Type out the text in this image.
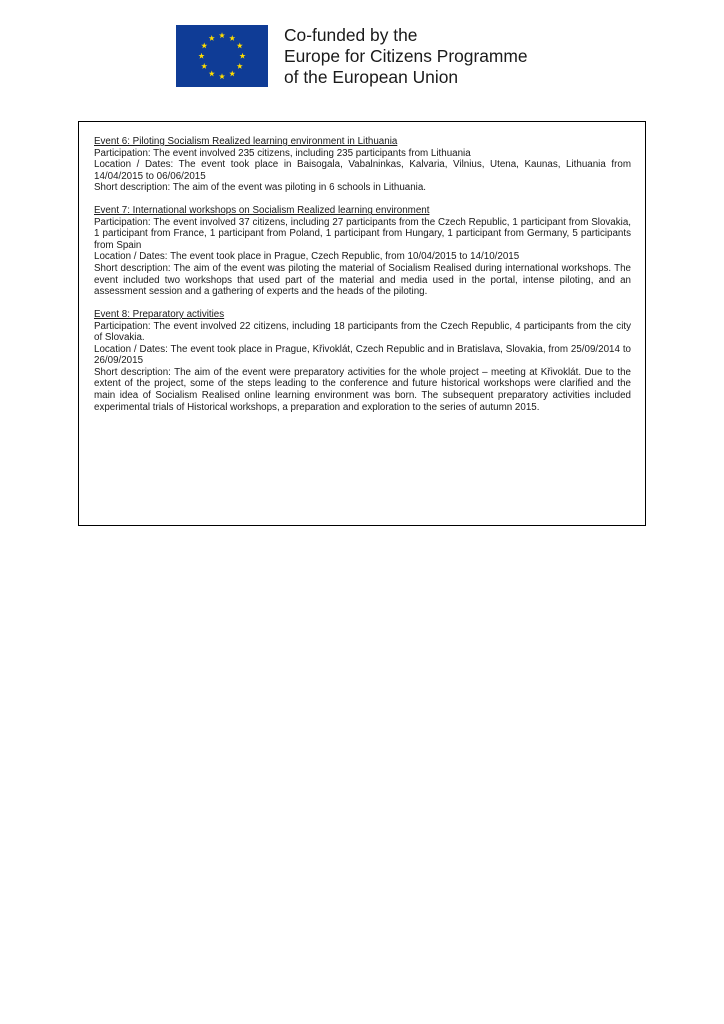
Co-funded by the
Europe for Citizens Programme
of the European Union
Event 6: Piloting Socialism Realized learning environment in Lithuania
Participation: The event involved 235 citizens, including 235 participants from Lithuania
Location / Dates: The event took place in Baisogala, Vabalninkas, Kalvaria, Vilnius, Utena, Kaunas, Lithuania from 14/04/2015 to 06/06/2015
Short description: The aim of the event was piloting in 6 schools in Lithuania.
Event 7: International workshops on Socialism Realized learning environment
Participation: The event involved 37 citizens, including 27 participants from the Czech Republic, 1 participant from Slovakia, 1 participant from France, 1 participant from Poland, 1 participant from Hungary, 1 participant from Germany, 5 participants from Spain
Location / Dates: The event took place in Prague, Czech Republic, from 10/04/2015 to 14/10/2015
Short description: The aim of the event was piloting the material of Socialism Realised during international workshops. The event included two workshops that used part of the material and media used in the portal, intense piloting, and an assessment session and a gathering of experts and the heads of the piloting.
Event 8: Preparatory activities
Participation: The event involved 22 citizens, including 18 participants from the Czech Republic, 4 participants from the city of Slovakia.
Location / Dates: The event took place in Prague, Křivoklát, Czech Republic and in Bratislava, Slovakia, from 25/09/2014 to 26/09/2015
Short description: The aim of the event were preparatory activities for the whole project – meeting at Křivoklát. Due to the extent of the project, some of the steps leading to the conference and future historical workshops were clarified and the main idea of Socialism Realised online learning environment was born. The subsequent preparatory activities included experimental trials of Historical workshops, a preparation and exploration to the series of autumn 2015.
